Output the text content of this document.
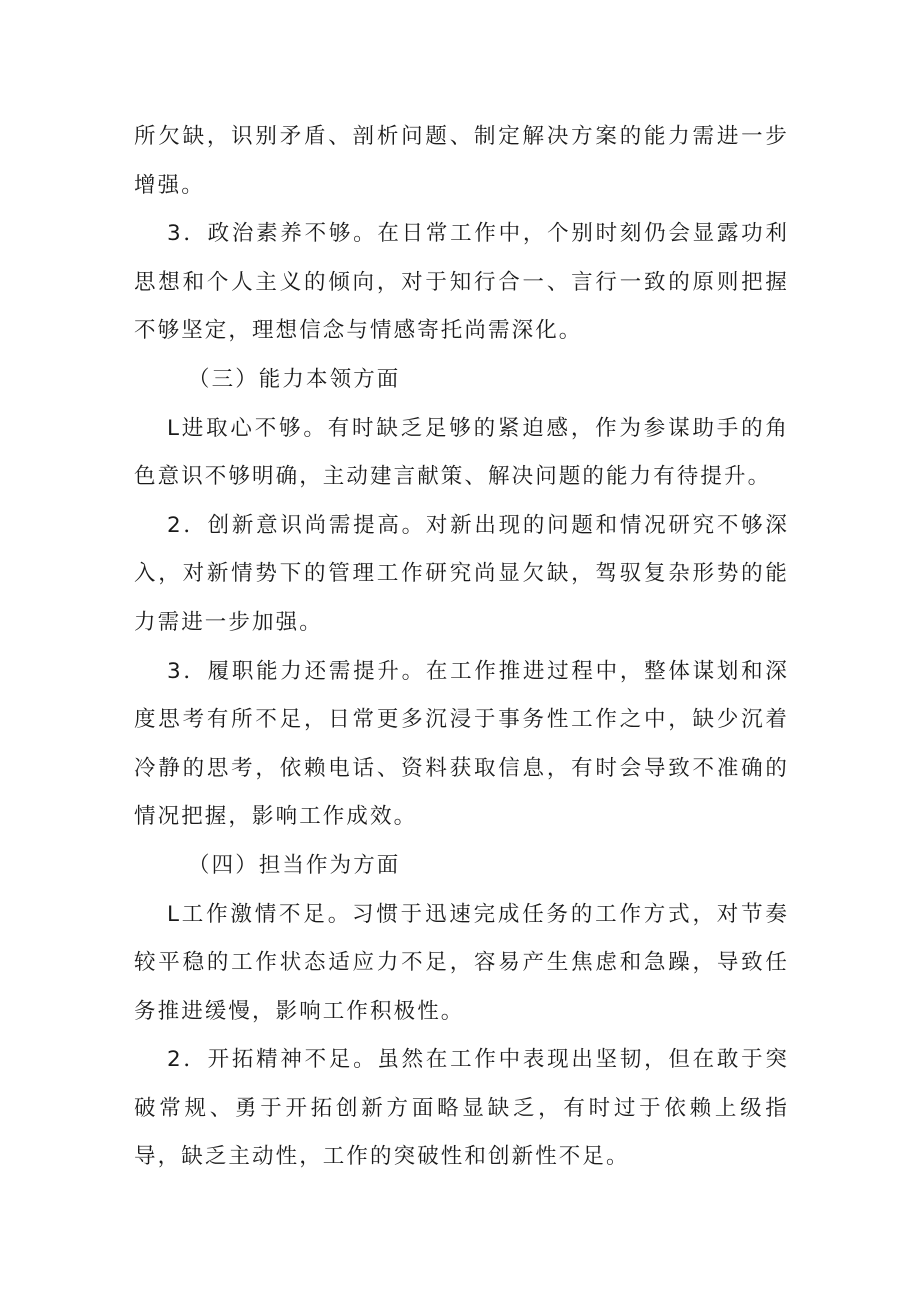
所欠缺，识别矛盾、剖析问题、制定解决方案的能力需进一步增强。

3．政治素养不够。在日常工作中，个别时刻仍会显露功利思想和个人主义的倾向，对于知行合一、言行一致的原则把握不够坚定，理想信念与情感寄托尚需深化。

（三）能力本领方面

L进取心不够。有时缺乏足够的紧迫感，作为参谋助手的角色意识不够明确，主动建言献策、解决问题的能力有待提升。

2．创新意识尚需提高。对新出现的问题和情况研究不够深入，对新情势下的管理工作研究尚显欠缺，驾驭复杂形势的能力需进一步加强。

3．履职能力还需提升。在工作推进过程中，整体谋划和深度思考有所不足，日常更多沉浸于事务性工作之中，缺少沉着冷静的思考，依赖电话、资料获取信息，有时会导致不准确的情况把握，影响工作成效。

（四）担当作为方面

L工作激情不足。习惯于迅速完成任务的工作方式，对节奏较平稳的工作状态适应力不足，容易产生焦虑和急躁，导致任务推进缓慢，影响工作积极性。

2．开拓精神不足。虽然在工作中表现出坚韧，但在敢于突破常规、勇于开拓创新方面略显缺乏，有时过于依赖上级指导，缺乏主动性，工作的突破性和创新性不足。
